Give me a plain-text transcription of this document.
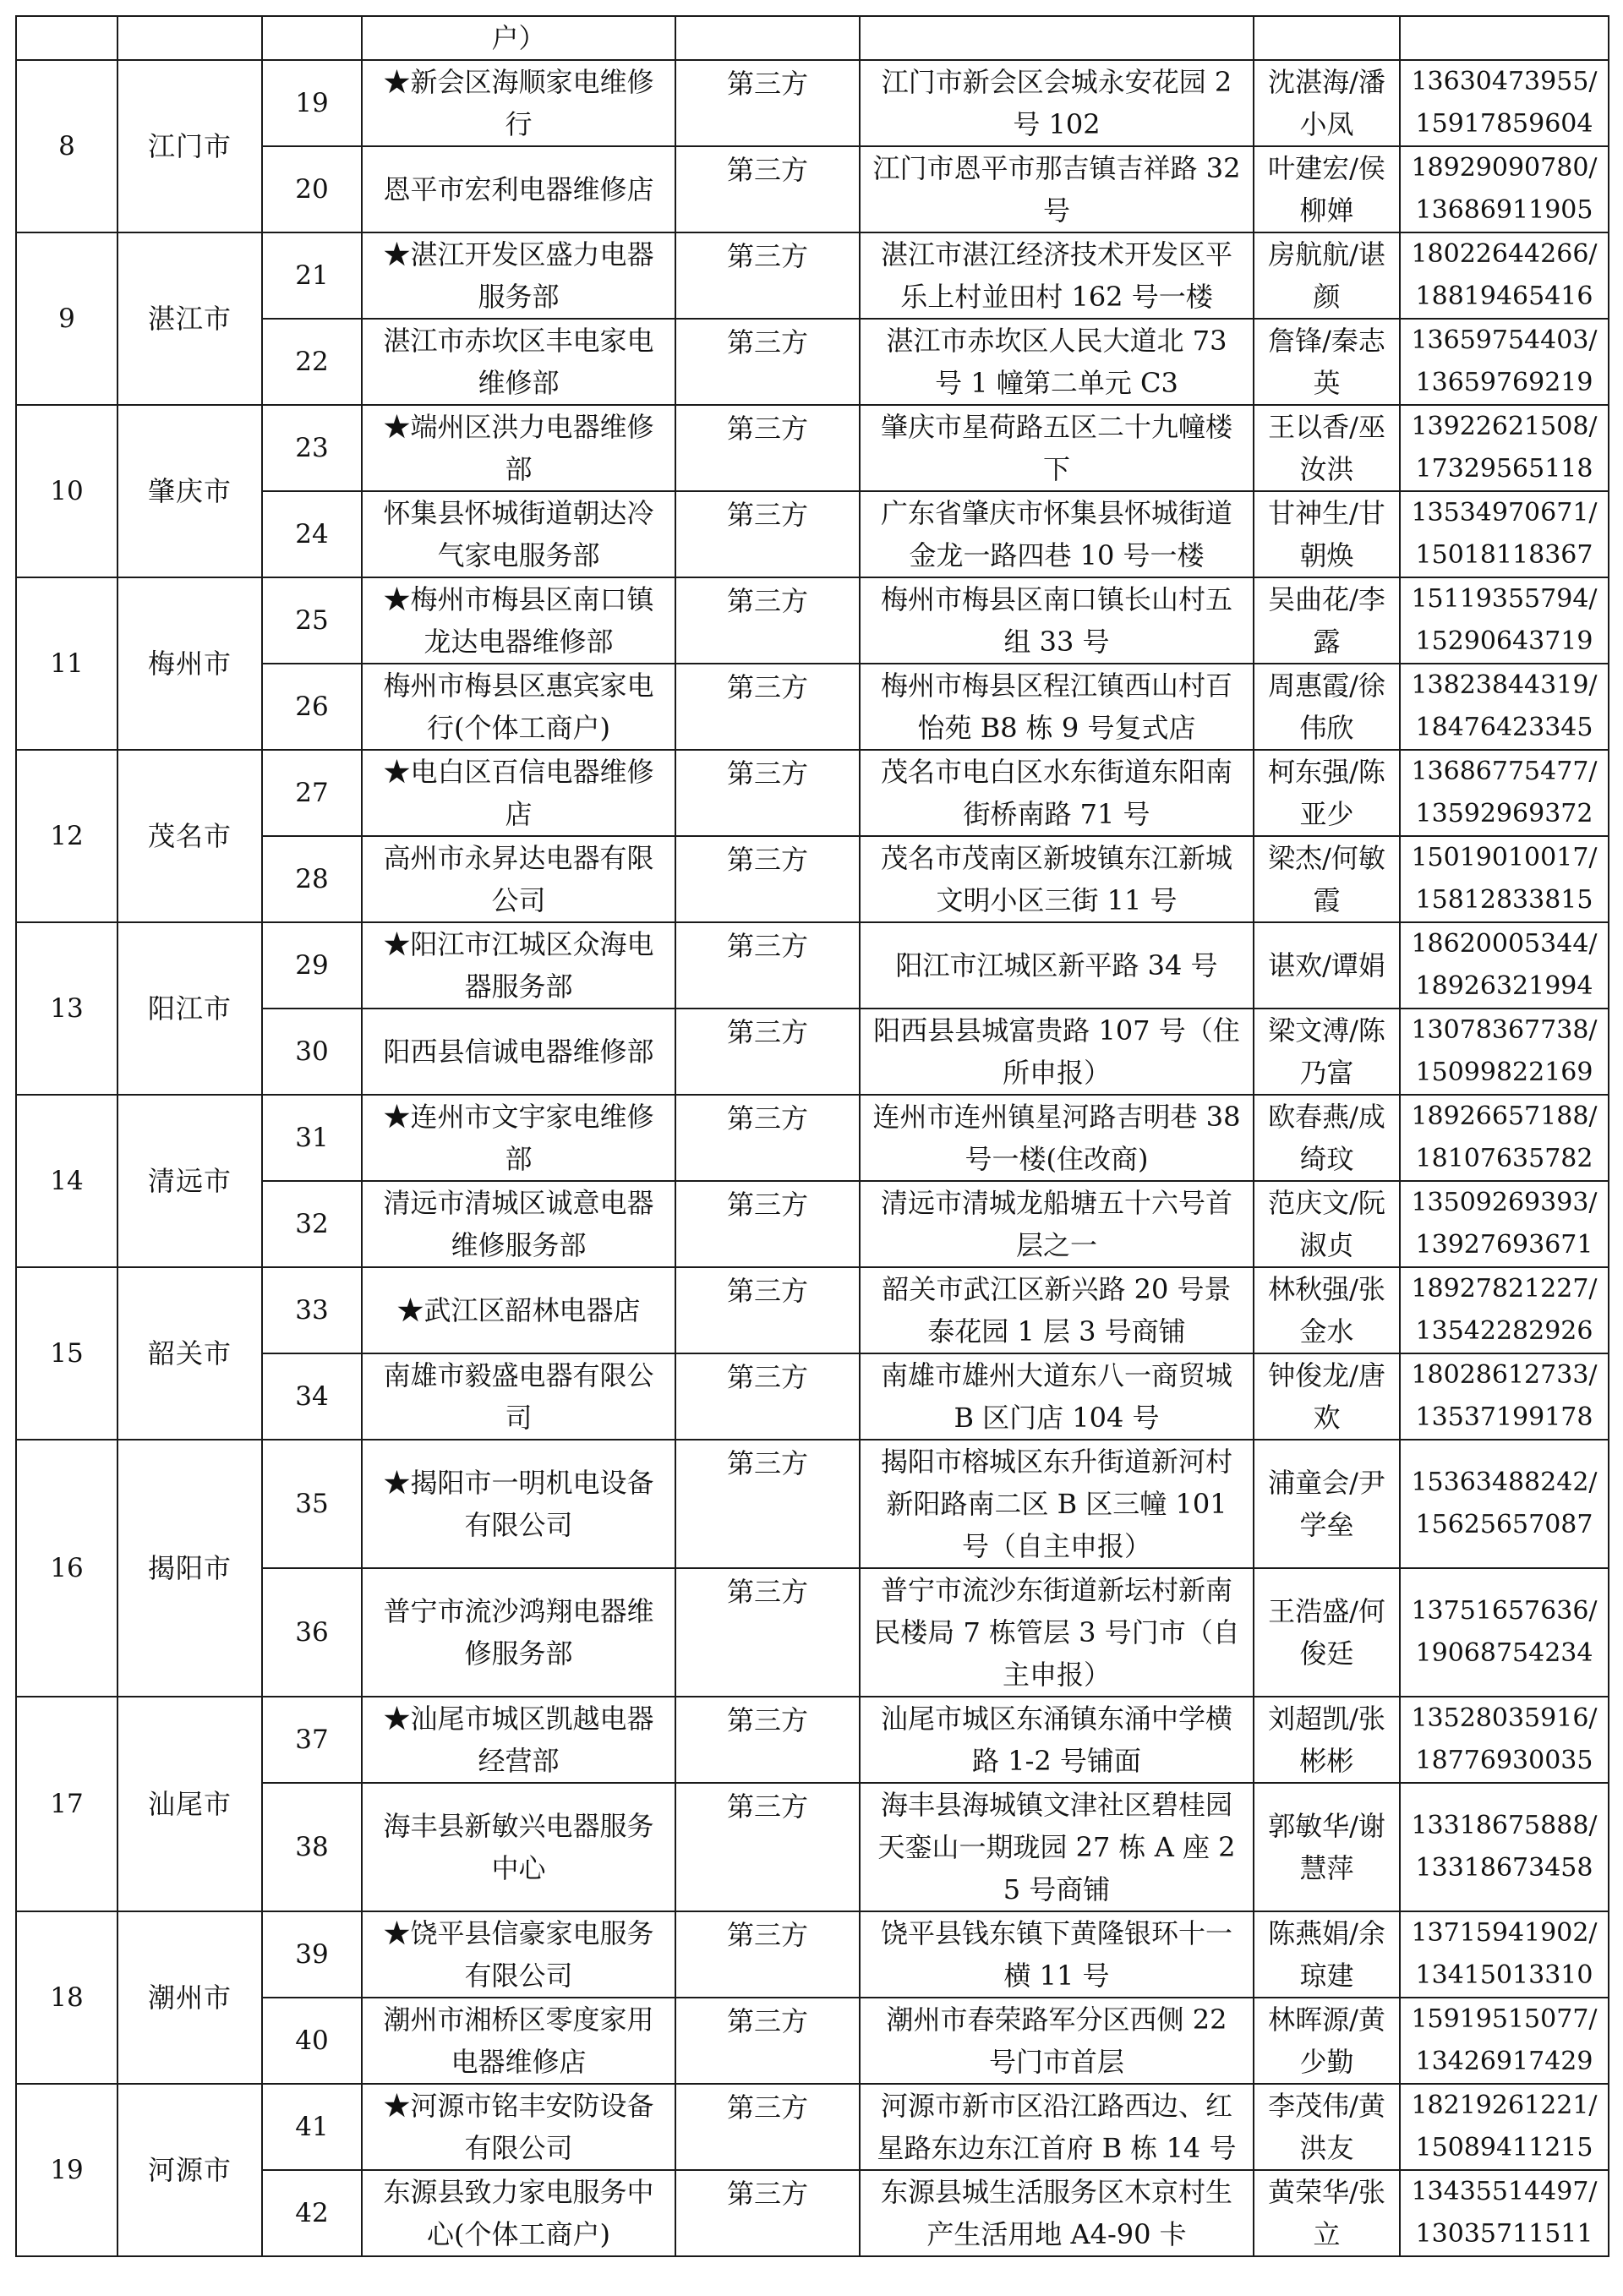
			户）				
8	江门市	19	★新会区海顺家电维修行	第三方	江门市新会区会城永安花园 2 号 102	沈湛海/潘小凤	13630473955/15917859604
		20	恩平市宏利电器维修店	第三方	江门市恩平市那吉镇吉祥路 32 号	叶建宏/侯柳婵	18929090780/13686911905
9	湛江市	21	★湛江开发区盛力电器服务部	第三方	湛江市湛江经济技术开发区平乐上村並田村 162 号一楼	房航航/谌颜	18022644266/18819465416
		22	湛江市赤坎区丰电家电维修部	第三方	湛江市赤坎区人民大道北 73 号 1 幢第二单元 C3	詹锋/秦志英	13659754403/13659769219
10	肇庆市	23	★端州区洪力电器维修部	第三方	肇庆市星荷路五区二十九幢楼下	王以香/巫汝洪	13922621508/17329565118
		24	怀集县怀城街道朝达冷气家电服务部	第三方	广东省肇庆市怀集县怀城街道金龙一路四巷 10 号一楼	甘神生/甘朝焕	13534970671/15018118367
11	梅州市	25	★梅州市梅县区南口镇龙达电器维修部	第三方	梅州市梅县区南口镇长山村五组 33 号	吴曲花/李露	15119355794/15290643719
		26	梅州市梅县区惠宾家电行(个体工商户)	第三方	梅州市梅县区程江镇西山村百怡苑 B8 栋 9 号复式店	周惠霞/徐伟欣	13823844319/18476423345
12	茂名市	27	★电白区百信电器维修店	第三方	茂名市电白区水东街道东阳南街桥南路 71 号	柯东强/陈亚少	13686775477/13592969372
		28	高州市永昇达电器有限公司	第三方	茂名市茂南区新坡镇东江新城文明小区三街 11 号	梁杰/何敏霞	15019010017/15812833815
13	阳江市	29	★阳江市江城区众海电器服务部	第三方	阳江市江城区新平路 34 号	谌欢/谭娟	18620005344/18926321994
		30	阳西县信诚电器维修部	第三方	阳西县县城富贵路 107 号（住所申报）	梁文溥/陈乃富	13078367738/15099822169
14	清远市	31	★连州市文宇家电维修部	第三方	连州市连州镇星河路吉明巷 38 号一楼(住改商)	欧春燕/成绮玟	18926657188/18107635782
		32	清远市清城区诚意电器维修服务部	第三方	清远市清城龙船塘五十六号首层之一	范庆文/阮淑贞	13509269393/13927693671
15	韶关市	33	★武江区韶林电器店	第三方	韶关市武江区新兴路 20 号景泰花园 1 层 3 号商铺	林秋强/张金水	18927821227/13542282926
		34	南雄市毅盛电器有限公司	第三方	南雄市雄州大道东八一商贸城 B 区门店 104 号	钟俊龙/唐欢	18028612733/13537199178
16	揭阳市	35	★揭阳市一明机电设备有限公司	第三方	揭阳市榕城区东升街道新河村新阳路南二区 B 区三幢 101 号（自主申报）	浦童会/尹学垒	15363488242/15625657087
		36	普宁市流沙鸿翔电器维修服务部	第三方	普宁市流沙东街道新坛村新南民楼局 7 栋管层 3 号门市（自主申报）	王浩盛/何俊廷	13751657636/19068754234
17	汕尾市	37	★汕尾市城区凯越电器经营部	第三方	汕尾市城区东涌镇东涌中学横路 1-2 号铺面	刘超凯/张彬彬	13528035916/18776930035
		38	海丰县新敏兴电器服务中心	第三方	海丰县海城镇文津社区碧桂园天銮山一期珑园 27 栋 A 座 25 号商铺	郭敏华/谢慧萍	13318675888/13318673458
18	潮州市	39	★饶平县信豪家电服务有限公司	第三方	饶平县钱东镇下黄隆银环十一横 11 号	陈燕娟/余琼建	13715941902/13415013310
		40	潮州市湘桥区零度家用电器维修店	第三方	潮州市春荣路军分区西侧 22 号门市首层	林晖源/黄少勤	15919515077/13426917429
19	河源市	41	★河源市铭丰安防设备有限公司	第三方	河源市新市区沿江路西边、红星路东边东江首府 B 栋 14 号	李茂伟/黄洪友	18219261221/15089411215
		42	东源县致力家电服务中心(个体工商户)	第三方	东源县城生活服务区木京村生产生活用地 A4-90 卡	黄荣华/张立	13435514497/13035711511
